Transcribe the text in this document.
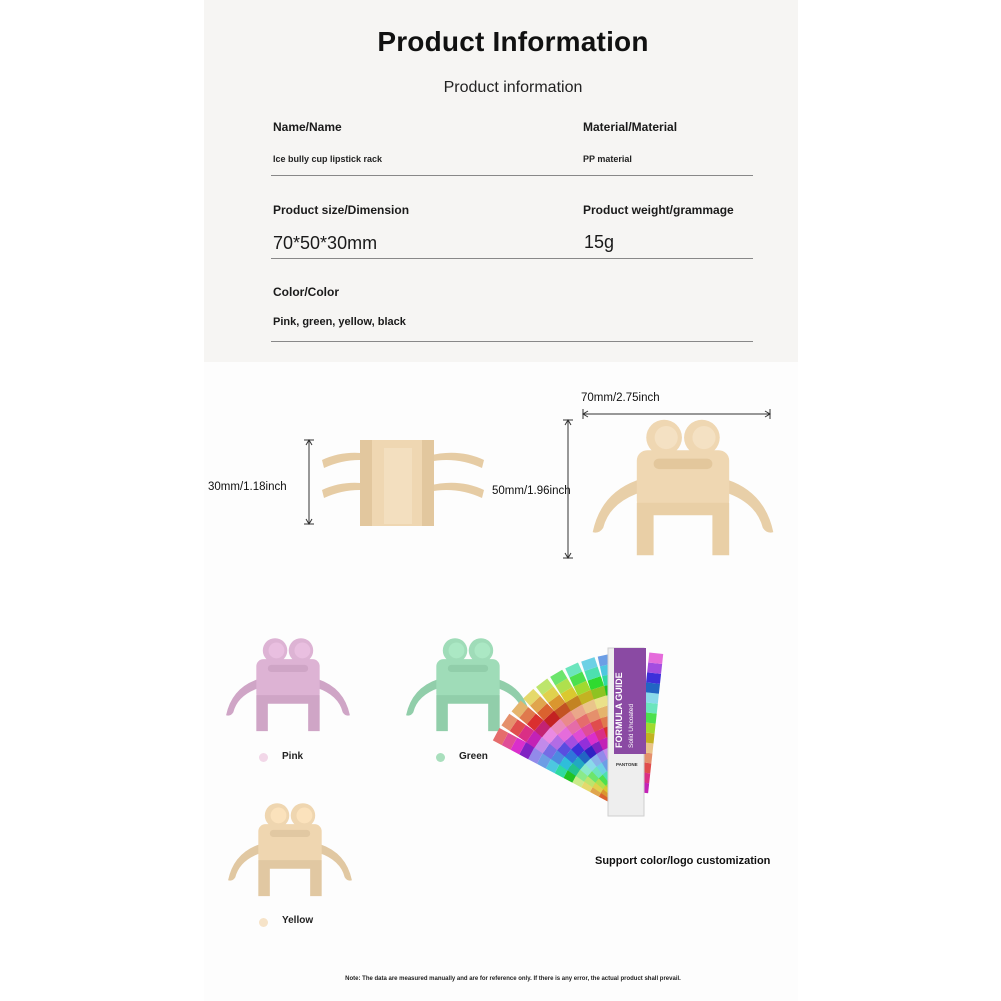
Product Information
Product information
Name/Name
Ice bully cup lipstick rack
Material/Material
PP material
Product size/Dimension
70*50*30mm
Product weight/grammage
15g
Color/Color
Pink, green, yellow, black
30mm/1.18inch
70mm/2.75inch
50mm/1.96inch
Pink	Green
Yellow
FORMULA GUIDE Solid Uncoated
PANTONE
Support color/logo customization
Note: The data are measured manually and are for reference only. If there is any error, the actual product shall prevail.
